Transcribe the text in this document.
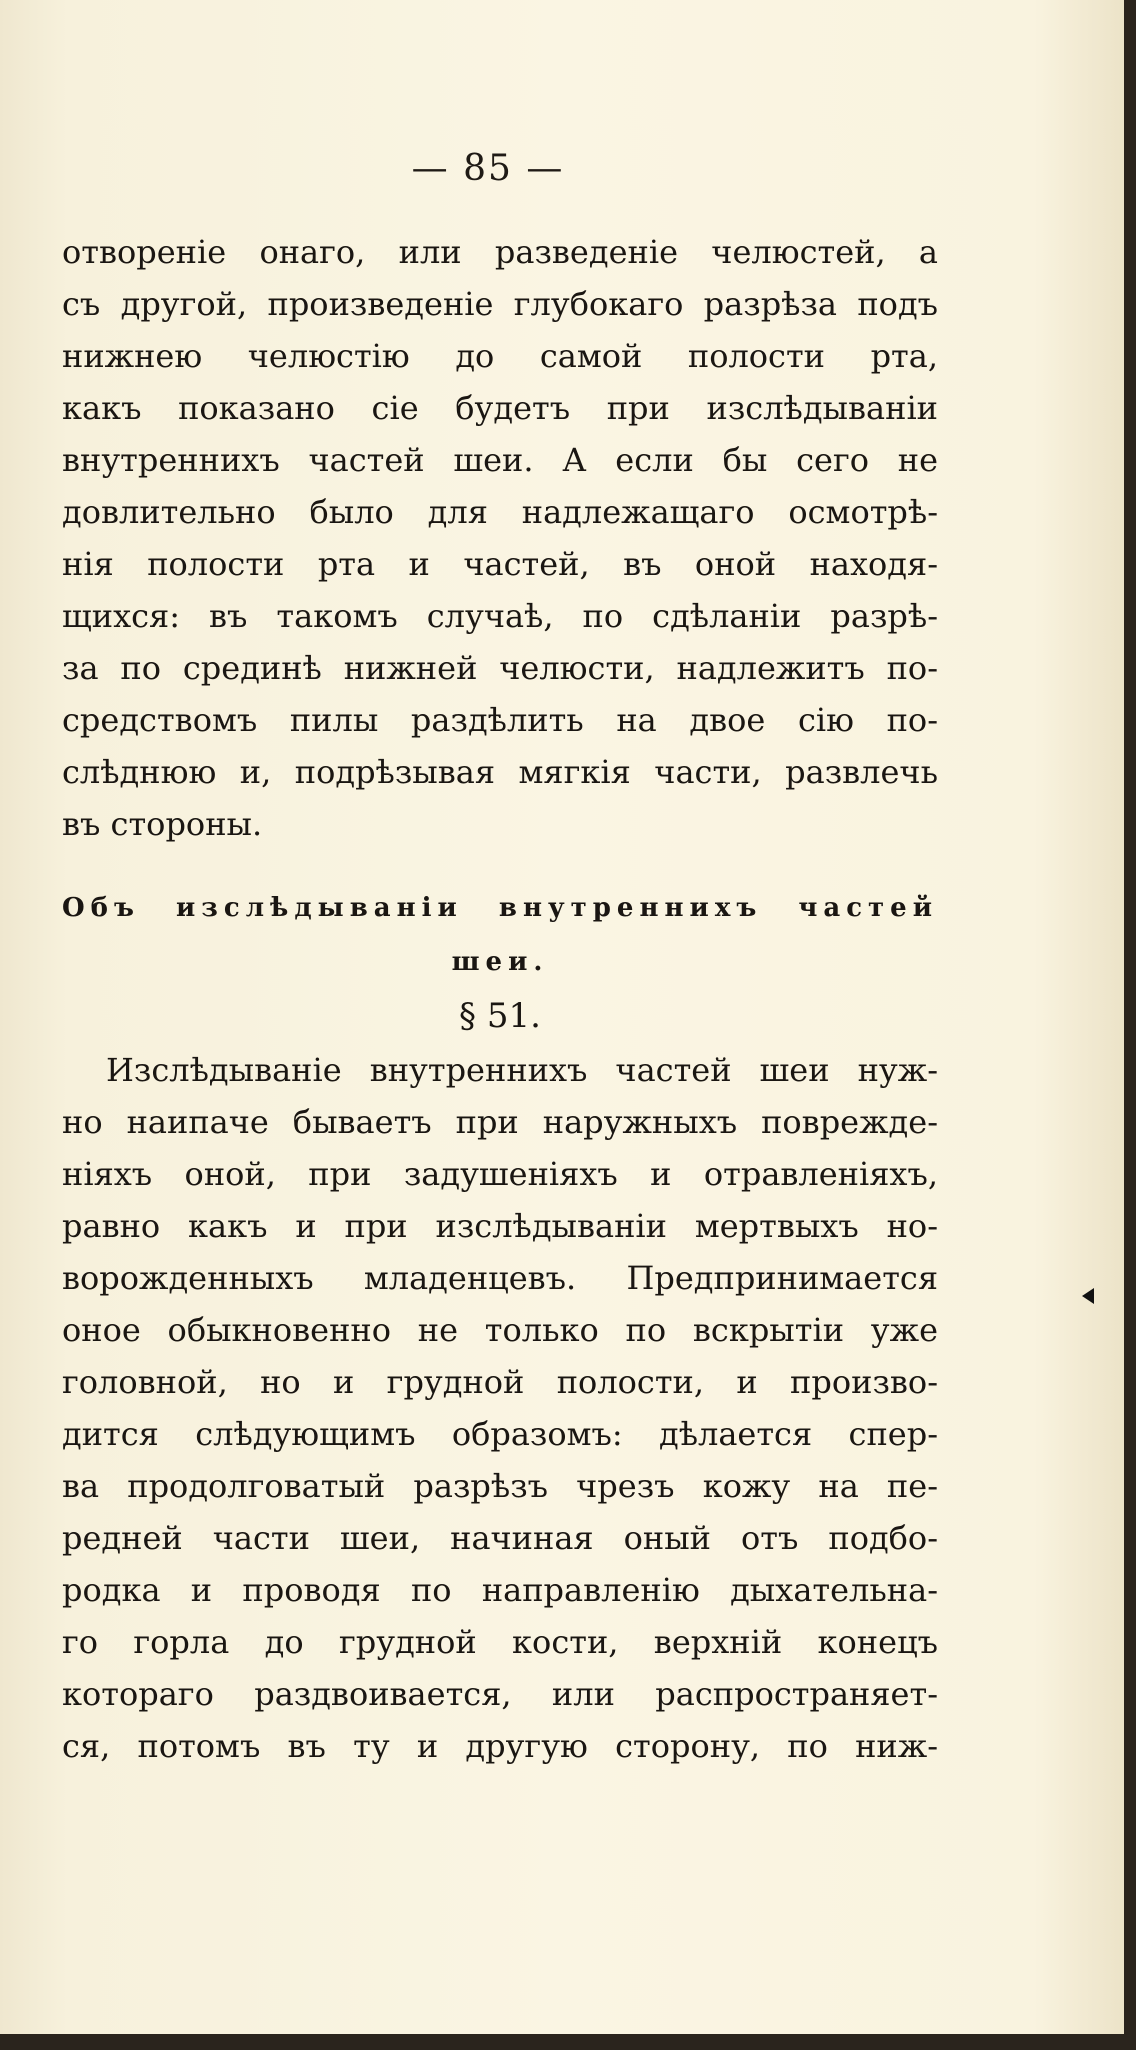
— 85 —
отворенiе онаго, или разведенiе челюстей, а
съ другой, произведенiе глубокаго разрѣза подъ
нижнею челюстiю до самой полости рта,
какъ показано сiе будетъ при изслѣдыванiи
внутреннихъ частей шеи. А если бы сего не
довлительно было для надлежащаго осмотрѣ-
нiя полости рта и частей, въ оной находя-
щихся: въ такомъ случаѣ, по сдѣланiи разрѣ-
за по срединѣ нижней челюсти, надлежитъ по-
средствомъ пилы раздѣлить на двое сiю по-
слѣднюю и, подрѣзывая мягкiя части, развлечь
въ стороны.
Объ изслѣдыванiи внутреннихъ частей
шеи.
§ 51.
Изслѣдыванiе внутреннихъ частей шеи нуж-
но наипаче бываетъ при наружныхъ поврежде-
нiяхъ оной, при задушенiяхъ и отравленiяхъ,
равно какъ и при изслѣдыванiи мертвыхъ но-
ворожденныхъ младенцевъ. Предпринимается
оное обыкновенно не только по вскрытiи уже
головной, но и грудной полости, и произво-
дится слѣдующимъ образомъ: дѣлается спер-
ва продолговатый разрѣзъ чрезъ кожу на пе-
редней части шеи, начиная оный отъ подбо-
родка и проводя по направленiю дыхательна-
го горла до грудной кости, верхнiй конецъ
котораго раздвоивается, или распространяет-
ся, потомъ въ ту и другую сторону, по ниж-
